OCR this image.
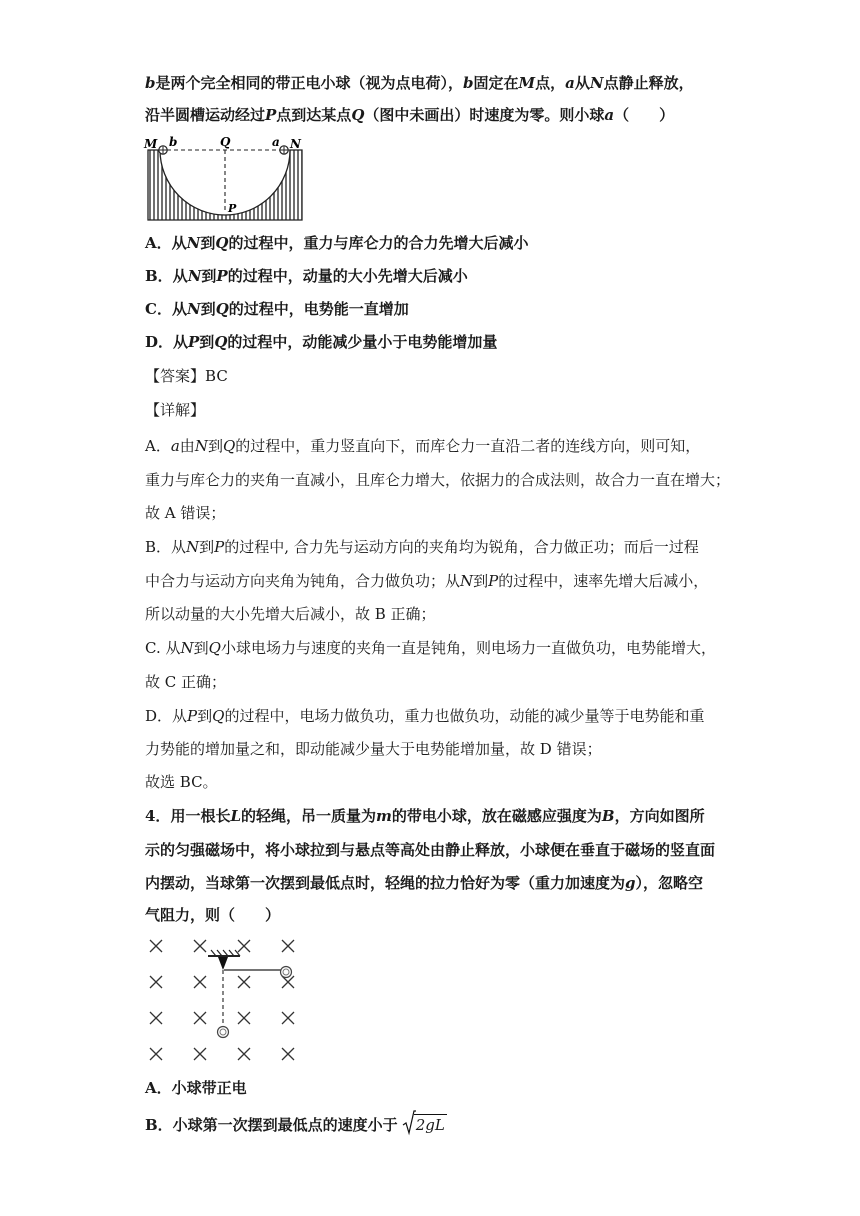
b是两个完全相同的带正电小球（视为点电荷），b固定在M点，a从N点静止释放，
沿半圆槽运动经过P点到达某点Q（图中未画出）时速度为零。则小球a（　　）
M b	Q	a N
P
A．从N到Q的过程中，重力与库仑力的合力先增大后减小
B．从N到P的过程中，动量的大小先增大后减小
C．从N到Q的过程中，电势能一直增加
D．从P到Q的过程中，动能减少量小于电势能增加量
【答案】BC
【详解】
A．a由N到Q的过程中，重力竖直向下，而库仑力一直沿二者的连线方向，则可知，
重力与库仑力的夹角一直减小，且库仑力增大，依据力的合成法则，故合力一直在增大；
故 A 错误；
B．从N到P的过程中, 合力先与运动方向的夹角均为锐角，合力做正功；而后一过程
中合力与运动方向夹角为钝角，合力做负功；从N到P的过程中，速率先增大后减小，
所以动量的大小先增大后减小，故 B 正确；
C. 从N到Q小球电场力与速度的夹角一直是钝角，则电场力一直做负功，电势能增大，
故 C 正确；
D．从P到Q的过程中，电场力做负功，重力也做负功，动能的减少量等于电势能和重
力势能的增加量之和，即动能减少量大于电势能增加量，故 D 错误；
故选 BC。
4．用一根长L的轻绳，吊一质量为m的带电小球，放在磁感应强度为B，方向如图所
示的匀强磁场中，将小球拉到与悬点等高处由静止释放，小球便在垂直于磁场的竖直面
内摆动，当球第一次摆到最低点时，轻绳的拉力恰好为零（重力加速度为g），忽略空
气阻力，则（　　）
A．小球带正电
B．小球第一次摆到最低点的速度小于 2gL
